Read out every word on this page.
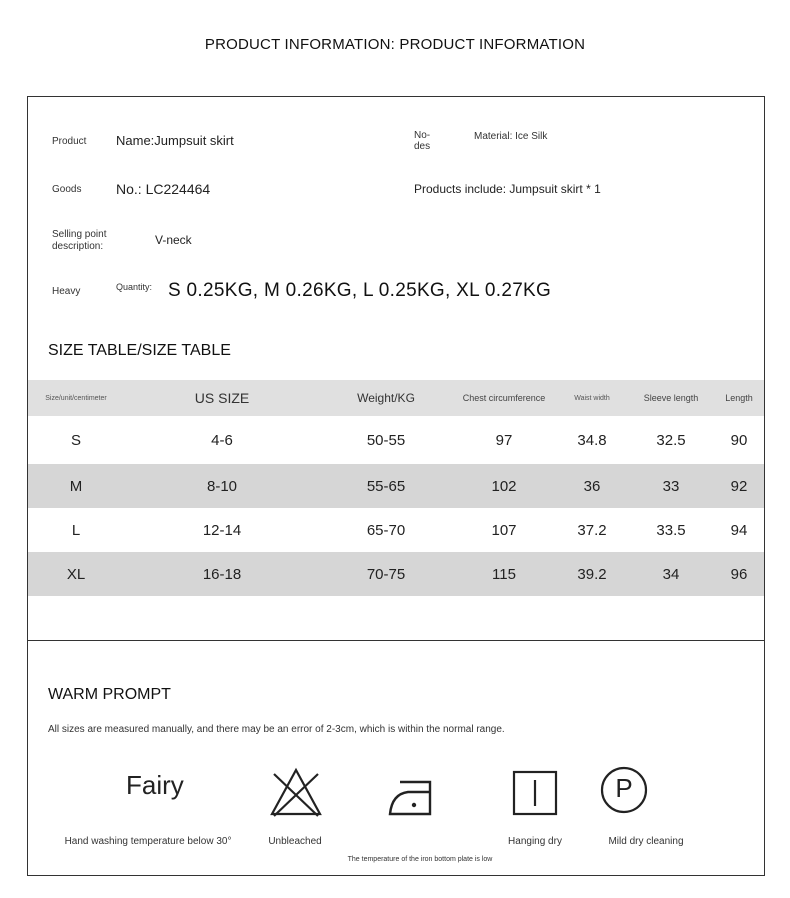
PRODUCT INFORMATION: PRODUCT INFORMATION
Product Name:Jumpsuit skirt	No- des
Material: Ice Silk
Goods No.: LC224464	Products include: Jumpsuit skirt * 1
Selling point description:	V-neck
Heavy	Quantity: S 0.25KG, M 0.26KG, L 0.25KG, XL 0.27KG
SIZE TABLE/SIZE TABLE
Size/unit/centimeter	US SIZE	Weight/KG	Chest circumference	Waist width	Sleeve length	Length
S	4-6	50-55	97	34.8	32.5	90
M	8-10	55-65	102	36	33	92
L	12-14	65-70	107	37.2	33.5	94
XL	16-18	70-75	115	39.2	34	96
WARM PROMPT
All sizes are measured manually, and there may be an error of 2-3cm, which is within the normal range.
Fairy	P
Hand washing temperature below 30°	Unbleached
The temperature of the iron bottom plate is low
Hanging dry	Mild dry cleaning
